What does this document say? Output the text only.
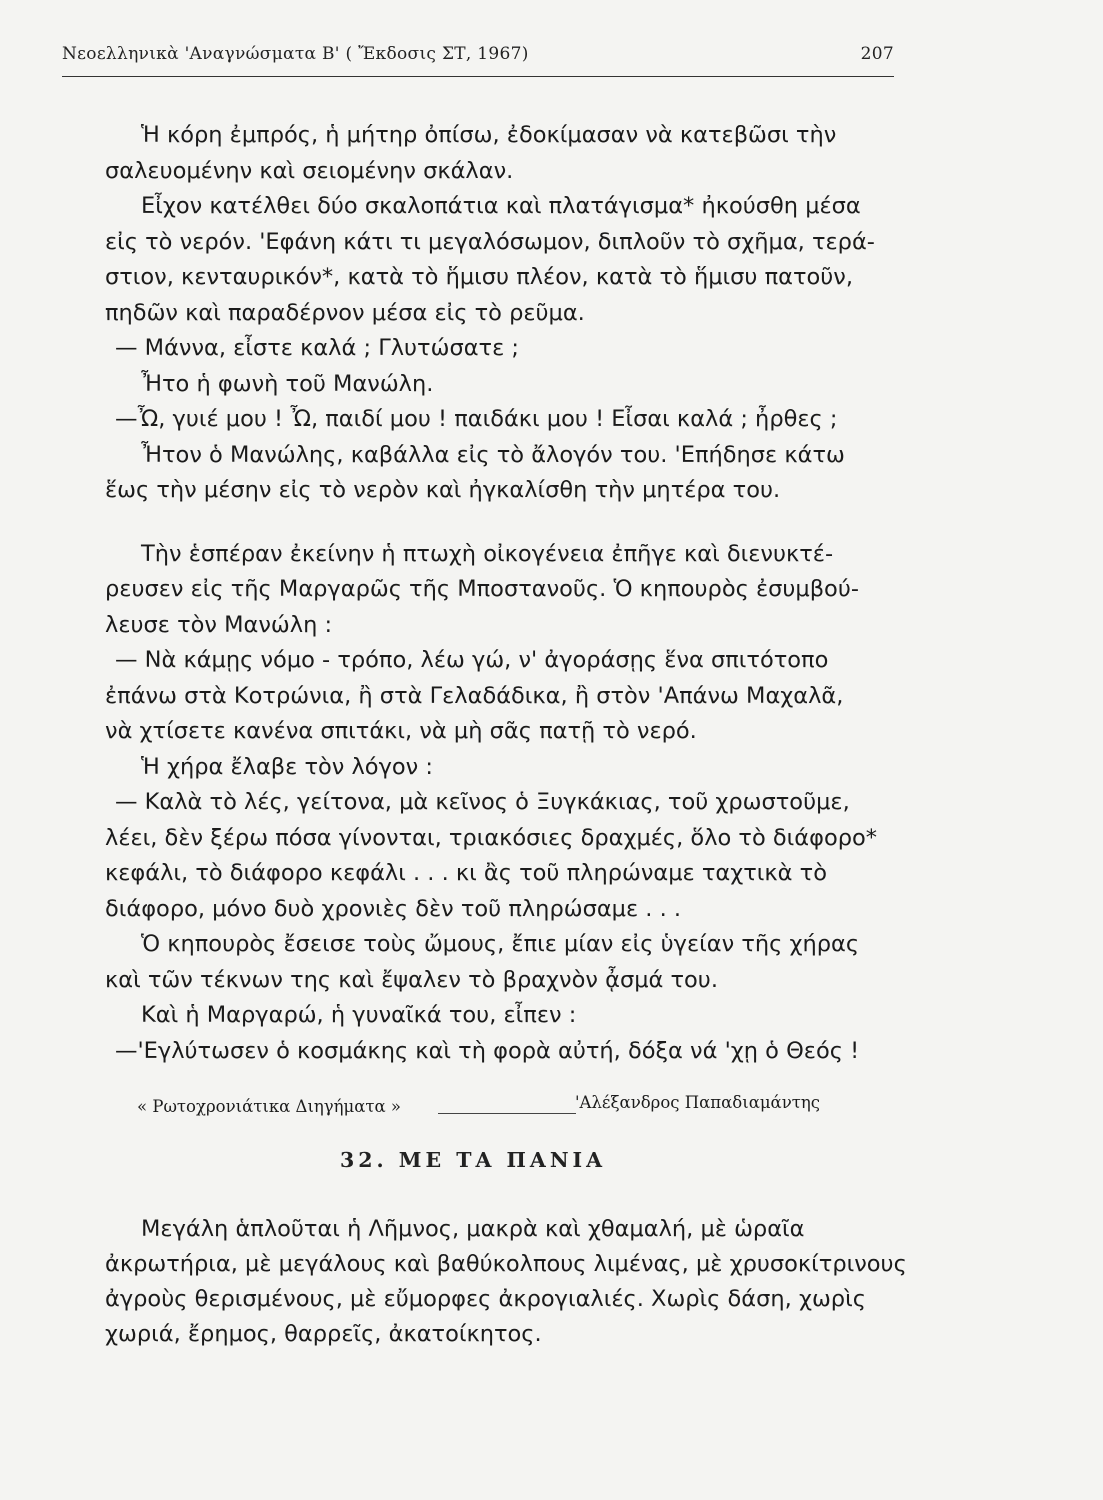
Νεοελληνικὰ 'Αναγνώσματα Β' ( Ἔκδοσις ΣΤ, 1967)	207
Ἡ κόρη ἐμπρός, ἡ μήτηρ ὀπίσω, ἐδοκίμασαν νὰ κατεβῶσι τὴν
σαλευομένην καὶ σειομένην σκάλαν.
Εἶχον κατέλθει δύο σκαλοπάτια καὶ πλατάγισμα* ἠκούσθη μέσα
εἰς τὸ νερόν. 'Εφάνη κάτι τι μεγαλόσωμον, διπλοῦν τὸ σχῆμα, τερά-
στιον, κενταυρικόν*, κατὰ τὸ ἥμισυ πλέον, κατὰ τὸ ἥμισυ πατοῦν,
πηδῶν καὶ παραδέρνον μέσα εἰς τὸ ρεῦμα.
— Μάννα, εἶστε καλά ; Γλυτώσατε ;
Ἦτο ἡ φωνὴ τοῦ Μανώλη.
—Ὦ, γυιέ μου ! Ὦ, παιδί μου ! παιδάκι μου ! Εἶσαι καλά ; ἦρθες ;
Ἦτον ὁ Μανώλης, καβάλλα εἰς τὸ ἄλογόν του. 'Επήδησε κάτω
ἕως τὴν μέσην εἰς τὸ νερὸν καὶ ἠγκαλίσθη τὴν μητέρα του.
Τὴν ἑσπέραν ἐκείνην ἡ πτωχὴ οἰκογένεια ἐπῆγε καὶ διενυκτέ-
ρευσεν εἰς τῆς Μαργαρῶς τῆς Μποστανοῦς. Ὁ κηπουρὸς ἐσυμβού-
λευσε τὸν Μανώλη :
— Νὰ κάμῃς νόμο - τρόπο, λέω γώ, ν' ἀγοράσῃς ἕνα σπιτότοπο
ἐπάνω στὰ Κοτρώνια, ἢ στὰ Γελαδάδικα, ἢ στὸν 'Απάνω Μαχαλᾶ,
νὰ χτίσετε κανένα σπιτάκι, νὰ μὴ σᾶς πατῇ τὸ νερό.
Ἡ χήρα ἔλαβε τὸν λόγον :
— Καλὰ τὸ λές, γείτονα, μὰ κεῖνος ὁ Ξυγκάκιας, τοῦ χρωστοῦμε,
λέει, δὲν ξέρω πόσα γίνονται, τριακόσιες δραχμές, ὅλο τὸ διάφορο*
κεφάλι, τὸ διάφορο κεφάλι . . . κι ἂς τοῦ πληρώναμε ταχτικὰ τὸ
διάφορο, μόνο δυὸ χρονιὲς δὲν τοῦ πληρώσαμε . . .
Ὁ κηπουρὸς ἔσεισε τοὺς ὤμους, ἔπιε μίαν εἰς ὑγείαν τῆς χήρας
καὶ τῶν τέκνων της καὶ ἔψαλεν τὸ βραχνὸν ᾆσμά του.
Καὶ ἡ Μαργαρώ, ἡ γυναῖκά του, εἶπεν :
—'Εγλύτωσεν ὁ κοσμάκης καὶ τὴ φορὰ αὐτή, δόξα νά 'χῃ ὁ Θεός !
« Ρωτοχρονιάτικα Διηγήματα »	'Αλέξανδρος Παπαδιαμάντης
32. ΜΕ ΤΑ ΠΑΝΙΑ
Μεγάλη ἁπλοῦται ἡ Λῆμνος, μακρὰ καὶ χθαμαλή, μὲ ὡραῖα
ἀκρωτήρια, μὲ μεγάλους καὶ βαθύκολπους λιμένας, μὲ χρυσοκίτρινους
ἀγροὺς θερισμένους, μὲ εὔμορφες ἀκρογιαλιές. Χωρὶς δάση, χωρὶς
χωριά, ἔρημος, θαρρεῖς, ἀκατοίκητος.
